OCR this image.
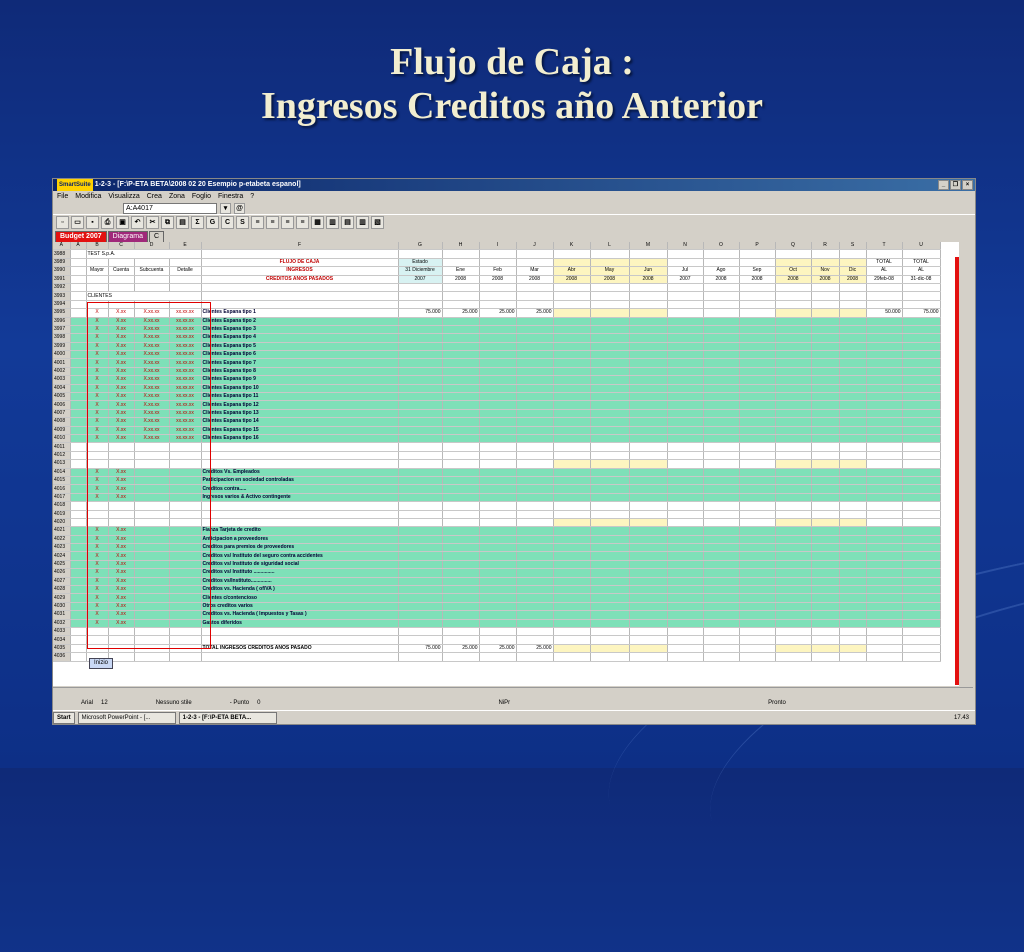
Flujo de Caja :
Ingresos Creditos año Anterior
SmartSuite 1-2-3 - [F:\P-ETA BETA\2008 02 20 Esempio p-etabeta espanol]	_	❐	×
File Modifica Visualizza Crea Zona Foglio Finestra ?
A:A4017	▾	@
▫	▭	▪	⎙	▣	↶	✂	⧉	▤	Σ	G	C	S	≡	≡	≡	≡	▦	▥	▤	▥	▧
Budget 2007	Diagrama	C
A	A	B	C	D	E	F	G	H	I	J	K	L	M	N	O	P	Q	R	S	T	U
3988		TEST S.p.A.																			
3989						FLUJO DE CAJA	Estado													TOTAL	TOTAL
3990		Mayor	Cuenta	Subcuenta	Detalle	INGRESOS	31 Diciembre	Ene	Feb	Mar	Abr	May	Jun	Jul	Ago	Sep	Oct	Nov	Dic	AL	AL
3991						CREDITOS AÑOS PASADOS	2007	2008	2008	2008	2008	2008	2008	2007	2008	2008	2008	2008	2008	29feb-08	31-dic-08
3992																					
3993		CLIENTES																			
3994																					
3995		X	X.xx	X.xx.xx	xx.xx.xx	Clientes Espana tipo 1	75.000	25.000	25.000	25.000										50.000	75.000
3996		X	X.xx	X.xx.xx	xx.xx.xx	Clientes Espana tipo 2															
3997		X	X.xx	X.xx.xx	xx.xx.xx	Clientes Espana tipo 3															
3998		X	X.xx	X.xx.xx	xx.xx.xx	Clientes Espana tipo 4															
3999		X	X.xx	X.xx.xx	xx.xx.xx	Clientes Espana tipo 5															
4000		X	X.xx	X.xx.xx	xx.xx.xx	Clientes Espana tipo 6															
4001		X	X.xx	X.xx.xx	xx.xx.xx	Clientes Espana tipo 7															
4002		X	X.xx	X.xx.xx	xx.xx.xx	Clientes Espana tipo 8															
4003		X	X.xx	X.xx.xx	xx.xx.xx	Clientes Espana tipo 9															
4004		X	X.xx	X.xx.xx	xx.xx.xx	Clientes Espana tipo 10															
4005		X	X.xx	X.xx.xx	xx.xx.xx	Clientes Espana tipo 11															
4006		X	X.xx	X.xx.xx	xx.xx.xx	Clientes Espana tipo 12															
4007		X	X.xx	X.xx.xx	xx.xx.xx	Clientes Espana tipo 13															
4008		X	X.xx	X.xx.xx	xx.xx.xx	Clientes Espana tipo 14															
4009		X	X.xx	X.xx.xx	xx.xx.xx	Clientes Espana tipo 15															
4010		X	X.xx	X.xx.xx	xx.xx.xx	Clientes Espana tipo 16															
4011																					
4012																					
4013																					
4014		X	X.xx			Creditos Vs. Empleados															
4015		X	X.xx			Participacion en sociedad controladas															
4016		X	X.xx			Creditos contra.....															
4017		X	X.xx			Ingresos varios & Activo contingente															
4018																					
4019																					
4020																					
4021		X	X.xx			Fianza Tarjeta de credito															
4022		X	X.xx			Anticipacion a proveedores															
4023		X	X.xx			Creditos para premios de proveedores															
4024		X	X.xx			Creditos vs/ Instituto del seguro contra accidentes															
4025		X	X.xx			Creditos vs/ Instituto de siguridad social															
4026		X	X.xx			Creditos vs/ Instituto ...............															
4027		X	X.xx			Creditos vs/Instituto...............															
4028		X	X.xx			Creditos vs. Hacienda ( of/VA )															
4029		X	X.xx			Clientes c/contencioso															
4030		X	X.xx			Otros creditos varios															
4031		X	X.xx			Creditos vs. Hacienda ( Impuestos y Tasas )															
4032		X	X.xx			Gastos diferidos															
4033																					
4034																					
4035						TOTAL INGRESOS CREDITOS AÑOS PASADO	75.000	25.000	25.000	25.000											
4036																					
Inizio
Arial 12	Nessuno stile	- Punto 0	NiPr	Pronto
Start	Microsoft PowerPoint - [...	1-2-3 - [F:\P-ETA BETA...	17.43
